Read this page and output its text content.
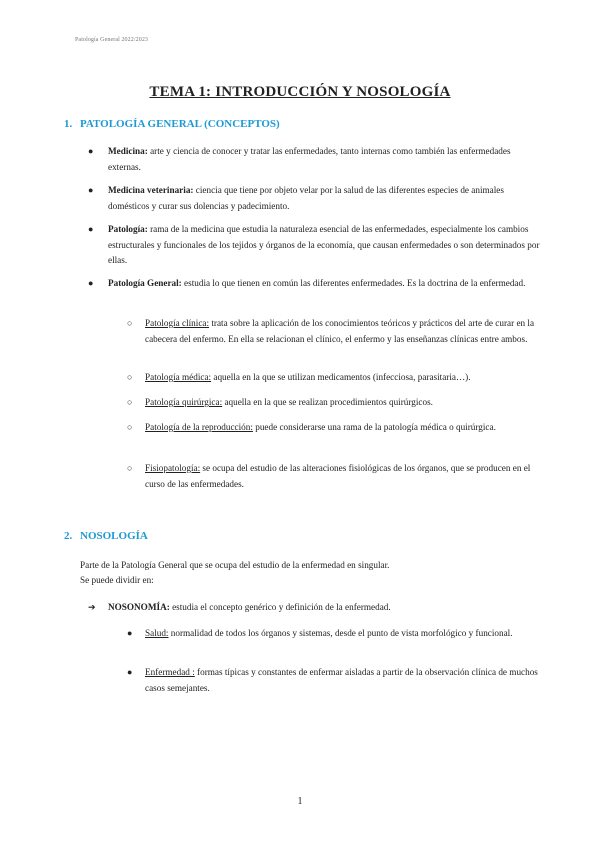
Patología General 2022/2023
TEMA 1: INTRODUCCIÓN Y NOSOLOGÍA
1. PATOLOGÍA GENERAL (CONCEPTOS)
● Medicina: arte y ciencia de conocer y tratar las enfermedades, tanto internas como también las enfermedades externas.
● Medicina veterinaria: ciencia que tiene por objeto velar por la salud de las diferentes especies de animales domésticos y curar sus dolencias y padecimiento.
● Patología: rama de la medicina que estudia la naturaleza esencial de las enfermedades, especialmente los cambios estructurales y funcionales de los tejidos y órganos de la economía, que causan enfermedades o son determinados por ellas.
● Patología General: estudia lo que tienen en común las diferentes enfermedades. Es la doctrina de la enfermedad.
○ Patología clínica: trata sobre la aplicación de los conocimientos teóricos y prácticos del arte de curar en la cabecera del enfermo. En ella se relacionan el clínico, el enfermo y las enseñanzas clínicas entre ambos.
○ Patología médica: aquella en la que se utilizan medicamentos (infecciosa, parasitaria…).
○ Patología quirúrgica: aquella en la que se realizan procedimientos quirúrgicos.
○ Patología de la reproducción: puede considerarse una rama de la patología médica o quirúrgica.
○ Fisiopatología: se ocupa del estudio de las alteraciones fisiológicas de los órganos, que se producen en el curso de las enfermedades.
2. NOSOLOGÍA
Parte de la Patología General que se ocupa del estudio de la enfermedad en singular.
Se puede dividir en:
➔ NOSONOMÍA: estudia el concepto genérico y definición de la enfermedad.
● Salud: normalidad de todos los órganos y sistemas, desde el punto de vista morfológico y funcional.
● Enfermedad : formas típicas y constantes de enfermar aisladas a partir de la observación clínica de muchos casos semejantes.
1
